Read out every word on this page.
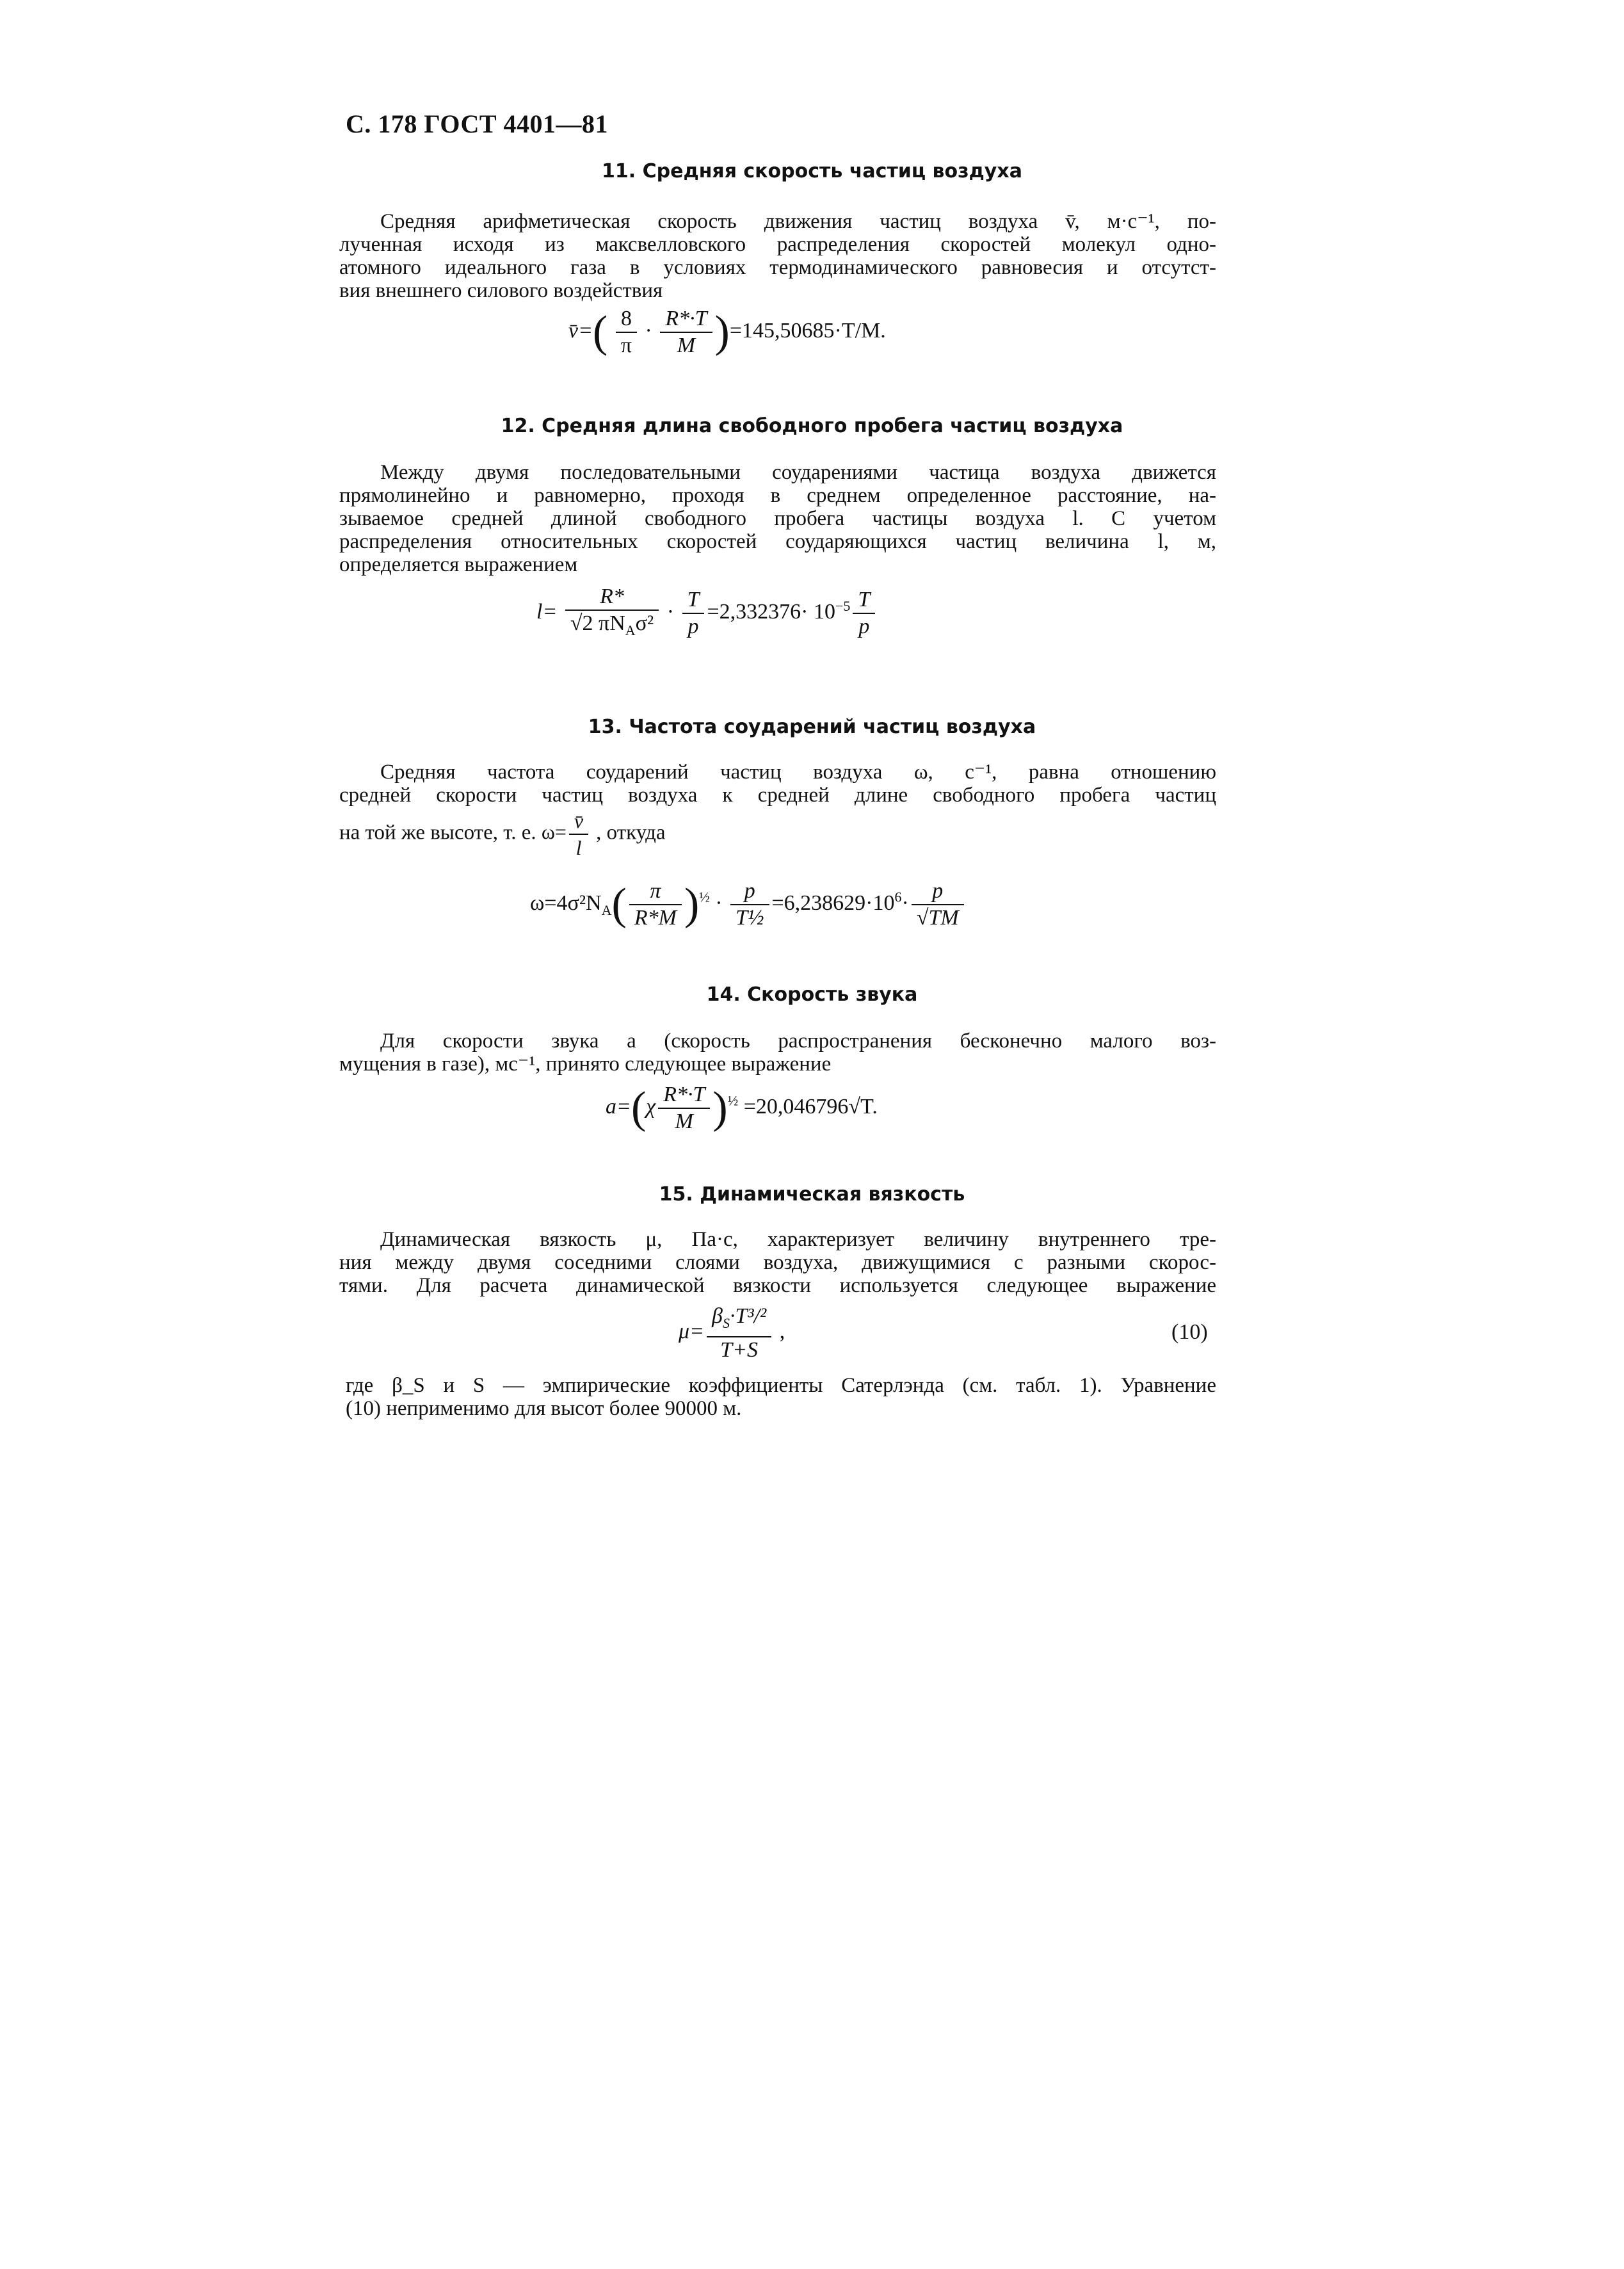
С. 178 ГОСТ 4401—81
11. Средняя скорость частиц воздуха
Средняя арифметическая скорость движения частиц воздуха v̄, м·с⁻¹, по-
лученная исходя из максвелловского распределения скоростей молекул одно-
атомного идеального газа в условиях термодинамического равновесия и отсутст-
вия внешнего силового воздействия
v̄=( $\frac{8}{\pi} \cdot \frac{R*\cdot T}{M} )=145,50685\cdot T/M$.
12. Средняя длина свободного пробега частиц воздуха
Между двумя последовательными соударениями частица воздуха движется
прямолинейно и равномерно, проходя в среднем определенное расстояние, на-
зываемое средней длиной свободного пробега частицы воздуха l. С учетом
распределения относительных скоростей соударяющихся частиц величина l, м,
определяется выражением
$l= \frac{R*}{√2 \pi N_A\sigma^2} \cdot \frac{T}{p} =2,332376\cdot 10^{-5} \frac{T}{p}$
13. Частота соударений частиц воздуха
Средняя частота соударений частиц воздуха ω, с⁻¹, равна отношению
средней скорости частиц воздуха к средней длине свободного пробега частиц
на той же высоте, т. е. $\omega= \frac{v̄}{l}$ , откуда
$\omega=4\sigma^2N_A( \frac{\pi}{R*M} )^{\frac{1}{2}} \cdot \frac{p}{\text{T½}} =6,238629\cdot 10^6\cdot \frac{p}{√TM}$
14. Скорость звука
Для скорости звука a (скорость распространения бесконечно малого воз-
мущения в газе), мс⁻¹, принято следующее выражение
$a=(\chi \frac{R*\cdot T}{M} )^{\frac{1}{2}} =20,046796√T$.
15. Динамическая вязкость
Динамическая вязкость μ, Па·с, характеризует величину внутреннего тре-
ния между двумя соседними слоями воздуха, движущимися с разными скорос-
тями. Для расчета динамической вязкости используется следующее выражение
$\mu= \frac{\beta_S\cdot T^3/^2}{T+S}$ ,	(10)
где β_S и S — эмпирические коэффициенты Сатерлэнда (см. табл. 1). Уравнение
(10) неприменимо для высот более 90000 м.
